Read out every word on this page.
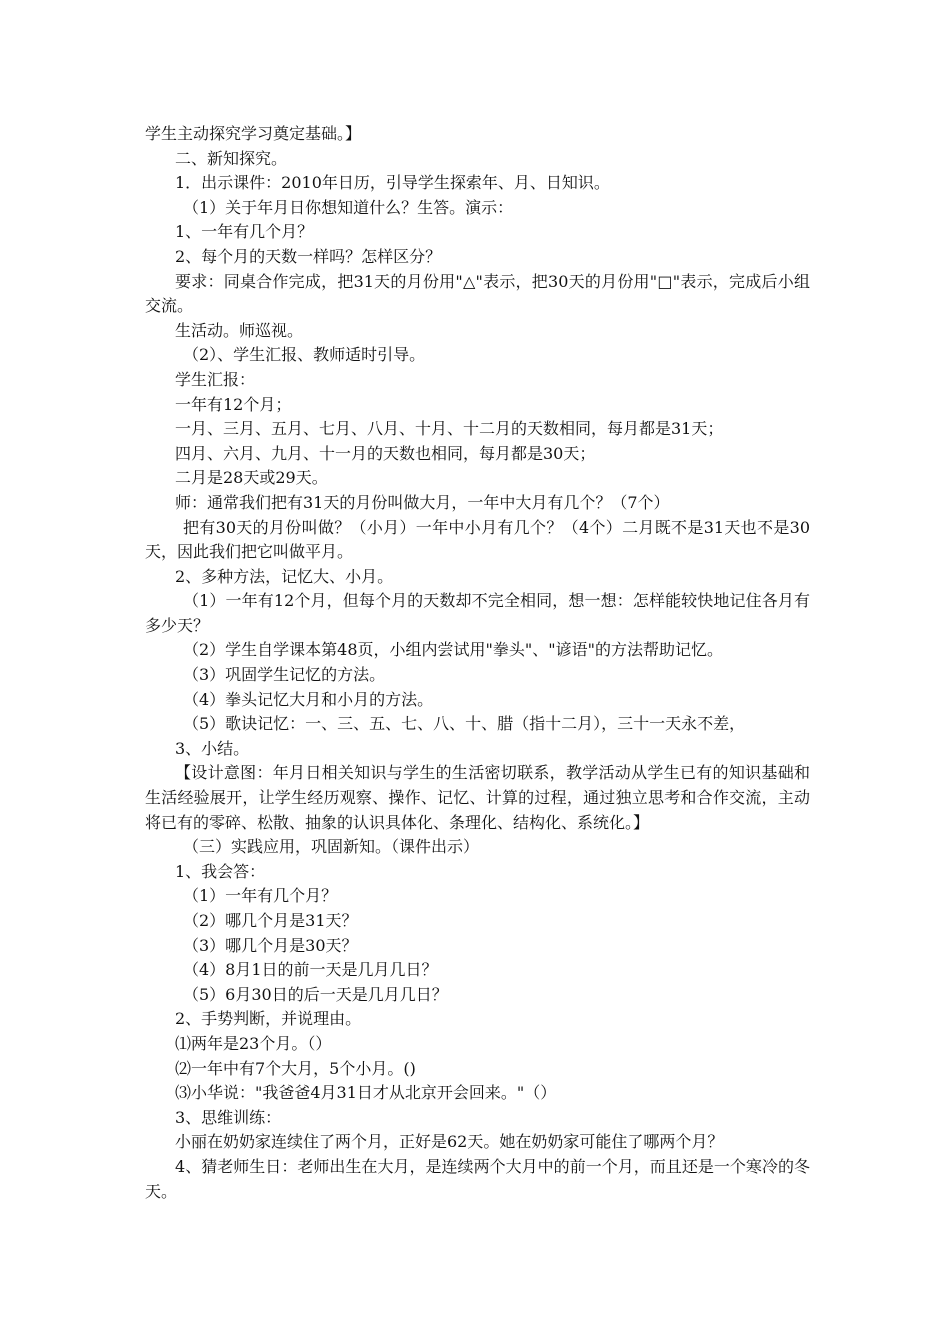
学生主动探究学习奠定基础。】

二、新知探究。

1．出示课件：2010年日历，引导学生探索年、月、日知识。

（1）关于年月日你想知道什么？生答。演示：

1、一年有几个月？

2、每个月的天数一样吗？怎样区分？

要求：同桌合作完成，把31天的月份用"△"表示，把30天的月份用"□"表示，完成后小组交流。

生活动。师巡视。

（2）、学生汇报、教师适时引导。

学生汇报：

一年有12个月；

一月、三月、五月、七月、八月、十月、十二月的天数相同，每月都是31天；

四月、六月、九月、十一月的天数也相同，每月都是30天；

二月是28天或29天。

师：通常我们把有31天的月份叫做大月，一年中大月有几个？（7个）

把有30天的月份叫做？（小月）一年中小月有几个？（4个）二月既不是31天也不是30天，因此我们把它叫做平月。

2、多种方法，记忆大、小月。

（1）一年有12个月，但每个月的天数却不完全相同，想一想：怎样能较快地记住各月有多少天？

（2）学生自学课本第48页，小组内尝试用"拳头"、"谚语"的方法帮助记忆。

（3）巩固学生记忆的方法。

（4）拳头记忆大月和小月的方法。

（5）歌诀记忆：一、三、五、七、八、十、腊（指十二月），三十一天永不差，

3、小结。

【设计意图：年月日相关知识与学生的生活密切联系，教学活动从学生已有的知识基础和生活经验展开，让学生经历观察、操作、记忆、计算的过程，通过独立思考和合作交流，主动将已有的零碎、松散、抽象的认识具体化、条理化、结构化、系统化。】

（三）实践应用，巩固新知。（课件出示）

1、我会答：

（1）一年有几个月？

（2）哪几个月是31天？

（3）哪几个月是30天？

（4）8月1日的前一天是几月几日？

（5）6月30日的后一天是几月几日？

2、手势判断，并说理由。

⑴两年是23个月。（）

⑵一年中有7个大月，5个小月。()

⑶小华说："我爸爸4月31日才从北京开会回来。"（）

3、思维训练：

小丽在奶奶家连续住了两个月，正好是62天。她在奶奶家可能住了哪两个月？

4、猜老师生日：老师出生在大月，是连续两个大月中的前一个月，而且还是一个寒冷的冬天。
